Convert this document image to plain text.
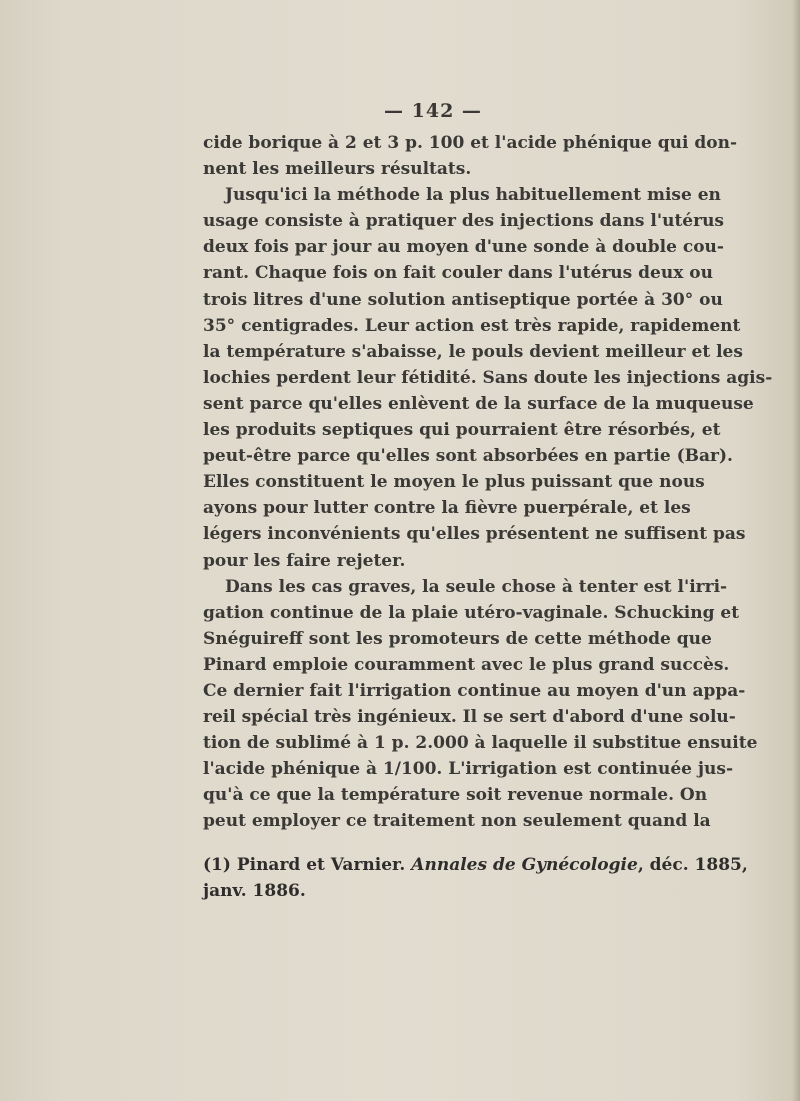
— 142 —
cide borique à 2 et 3 p. 100 et l'acide phénique qui don-
nent les meilleurs résultats.
Jusqu'ici la méthode la plus habituellement mise en
usage consiste à pratiquer des injections dans l'utérus
deux fois par jour au moyen d'une sonde à double cou-
rant. Chaque fois on fait couler dans l'utérus deux ou
trois litres d'une solution antiseptique portée à 30° ou
35° centigrades. Leur action est très rapide, rapidement
la température s'abaisse, le pouls devient meilleur et les
lochies perdent leur fétidité. Sans doute les injections agis-
sent parce qu'elles enlèvent de la surface de la muqueuse
les produits septiques qui pourraient être résorbés, et
peut-être parce qu'elles sont absorbées en partie (Bar).
Elles constituent le moyen le plus puissant que nous
ayons pour lutter contre la fièvre puerpérale, et les
légers inconvénients qu'elles présentent ne suffisent pas
pour les faire rejeter.
Dans les cas graves, la seule chose à tenter est l'irri-
gation continue de la plaie utéro-vaginale. Schucking et
Snéguireff sont les promoteurs de cette méthode que
Pinard emploie couramment avec le plus grand succès.
Ce dernier fait l'irrigation continue au moyen d'un appa-
reil spécial très ingénieux. Il se sert d'abord d'une solu-
tion de sublimé à 1 p. 2.000 à laquelle il substitue ensuite
l'acide phénique à 1/100. L'irrigation est continuée jus-
qu'à ce que la température soit revenue normale. On
peut employer ce traitement non seulement quand la
(1) Pinard et Varnier. Annales de Gynécologie, déc. 1885,
janv. 1886.
